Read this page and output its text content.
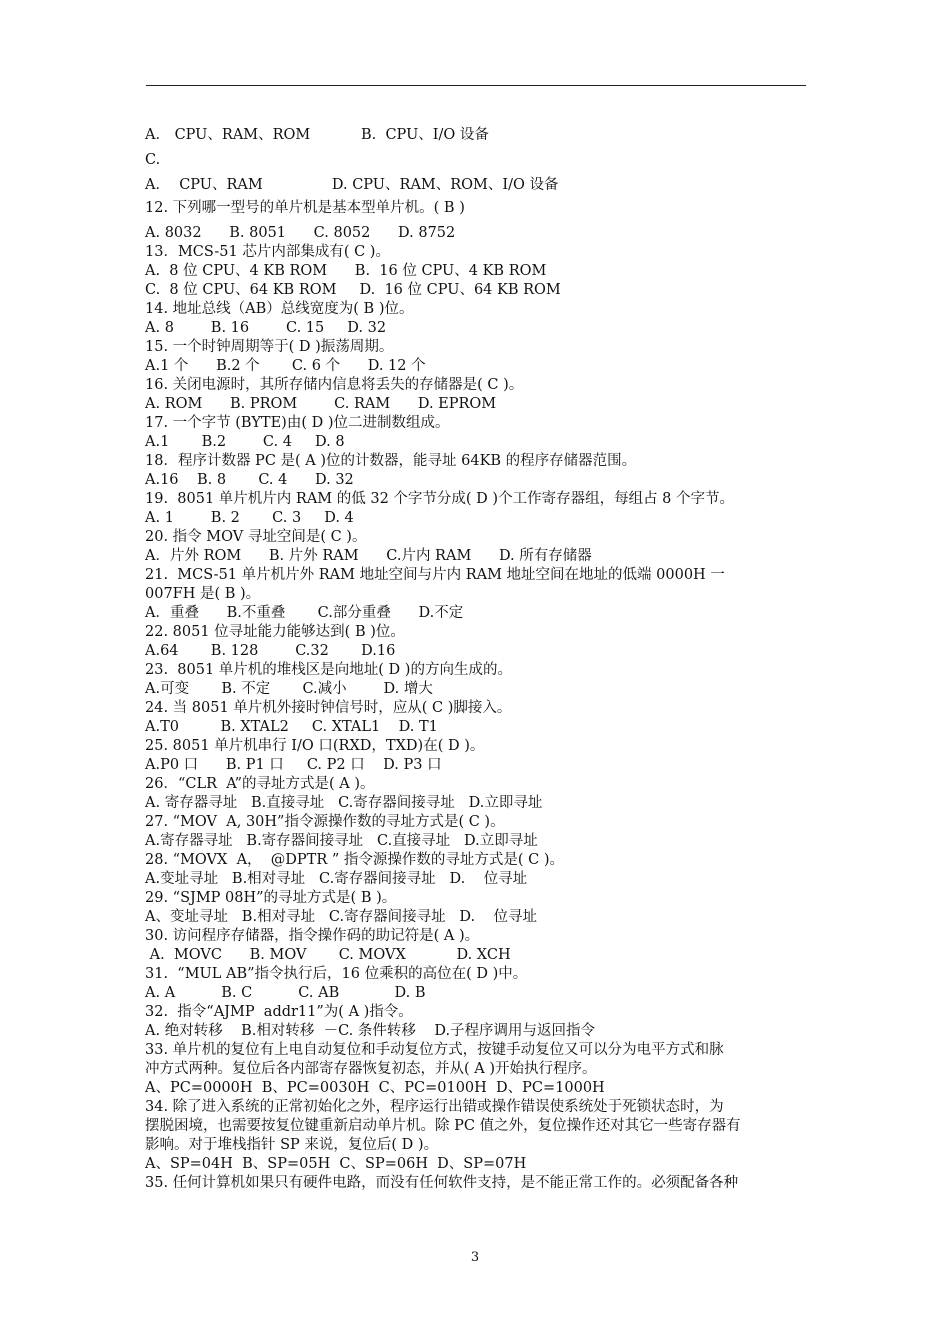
A． CPU、RAM、ROM           B.  CPU、I/O 设备
C.
A．  CPU、RAM               D. CPU、RAM、ROM、I/O 设备
12. 下列哪一型号的单片机是基本型单片机。( B )
A. 8032      B. 8051      C. 8052      D. 8752
13．MCS-51 芯片内部集成有( C )。
A.  8 位 CPU、4 KB ROM      B.  16 位 CPU、4 KB ROM
C.  8 位 CPU、64 KB ROM     D.  16 位 CPU、64 KB ROM
14. 地址总线（AB）总线宽度为( B )位。
A. 8        B. 16        C. 15     D. 32
15. 一个时钟周期等于( D )振荡周期。
A.1 个      B.2 个       C. 6 个      D. 12 个
16. 关闭电源时，其所存储内信息将丢失的存储器是( C )。
A. ROM      B. PROM        C. RAM      D. EPROM
17. 一个字节 (BYTE)由( D )位二进制数组成。
A.1       B.2        C. 4     D. 8
18．程序计数器 PC 是( A )位的计数器，能寻址 64KB 的程序存储器范围。
A.16    B. 8       C. 4      D. 32
19.  8051 单片机片内 RAM 的低 32 个字节分成( D )个工作寄存器组，每组占 8 个字节。
A. 1        B. 2       C. 3     D. 4
20. 指令 MOV 寻址空间是( C )。
A．片外 ROM      B. 片外 RAM      C.片内 RAM      D. 所有存储器
21.  MCS-51 单片机片外 RAM 地址空间与片内 RAM 地址空间在地址的低端 0000H 一
007FH 是( B )。
A．重叠      B.不重叠       C.部分重叠      D.不定
22. 8051 位寻址能力能够达到( B )位。
A.64       B. 128        C.32       D.16
23.  8051 单片机的堆栈区是向地址( D )的方向生成的。
A.可变       B. 不定       C.减小        D. 增大
24. 当 8051 单片机外接时钟信号时，应从( C )脚接入。
A.T0         B. XTAL2     C. XTAL1    D. T1
25. 8051 单片机串行 I/O 口(RXD，TXD)在( D )。
A.P0 口      B. P1 口     C. P2 口    D. P3 口
26．“CLR  A”的寻址方式是( A )。
A. 寄存器寻址   B.直接寻址   C.寄存器间接寻址   D.立即寻址
27. “MOV  A, 30H”指令源操作数的寻址方式是( C )。
A.寄存器寻址   B.寄存器间接寻址   C.直接寻址   D.立即寻址
28. “MOVX  A，  @DPTR ” 指令源操作数的寻址方式是( C )。
A.变址寻址   B.相对寻址   C.寄存器间接寻址   D.    位寻址
29. “SJMP 08H”的寻址方式是( B )。
A、变址寻址   B.相对寻址   C.寄存器间接寻址   D.    位寻址
30. 访问程序存储器，指令操作码的助记符是( A )。
A.  MOVC      B. MOV       C. MOVX           D. XCH
31.  “MUL AB”指令执行后，16 位乘积的高位在( D )中。
A. A          B. C          C. AB            D. B
32.  指令“AJMP  addr11”为( A )指令。
A. 绝对转移    B.相对转移  －C. 条件转移    D.子程序调用与返回指令
33. 单片机的复位有上电自动复位和手动复位方式，按键手动复位又可以分为电平方式和脉
冲方式两种。复位后各内部寄存器恢复初态，并从( A )开始执行程序。
A、PC=0000H  B、PC=0030H  C、PC=0100H  D、PC=1000H
34. 除了进入系统的正常初始化之外，程序运行出错或操作错误使系统处于死锁状态时，为
摆脱困境，也需要按复位键重新启动单片机。除 PC 值之外，复位操作还对其它一些寄存器有
影响。对于堆栈指针 SP 来说，复位后( D )。
A、SP=04H  B、SP=05H  C、SP=06H  D、SP=07H
35. 任何计算机如果只有硬件电路，而没有任何软件支持，是不能正常工作的。必须配备各种
3
